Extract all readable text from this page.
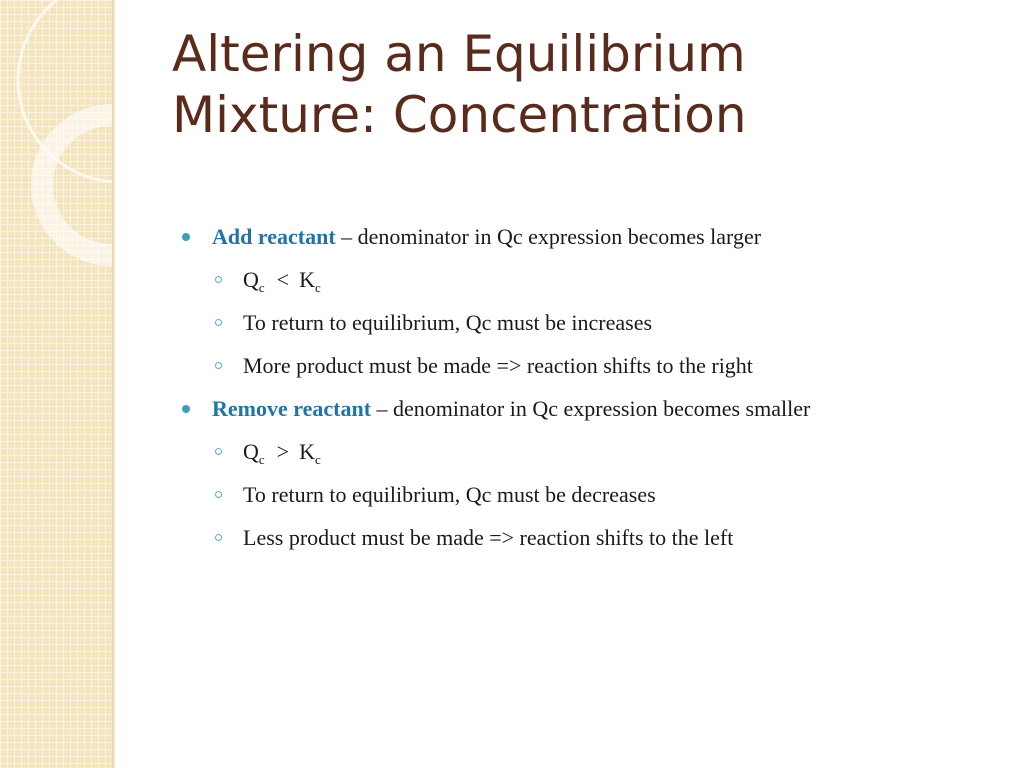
Altering an Equilibrium
Mixture: Concentration
Add reactant – denominator in Qc expression becomes larger
$Q_c < K_c$
To return to equilibrium, Qc must be increases
More product must be made => reaction shifts to the right
Remove reactant – denominator in Qc expression becomes smaller
$Q_c > K_c$
To return to equilibrium, Qc must be decreases
Less product must be made => reaction shifts to the left
